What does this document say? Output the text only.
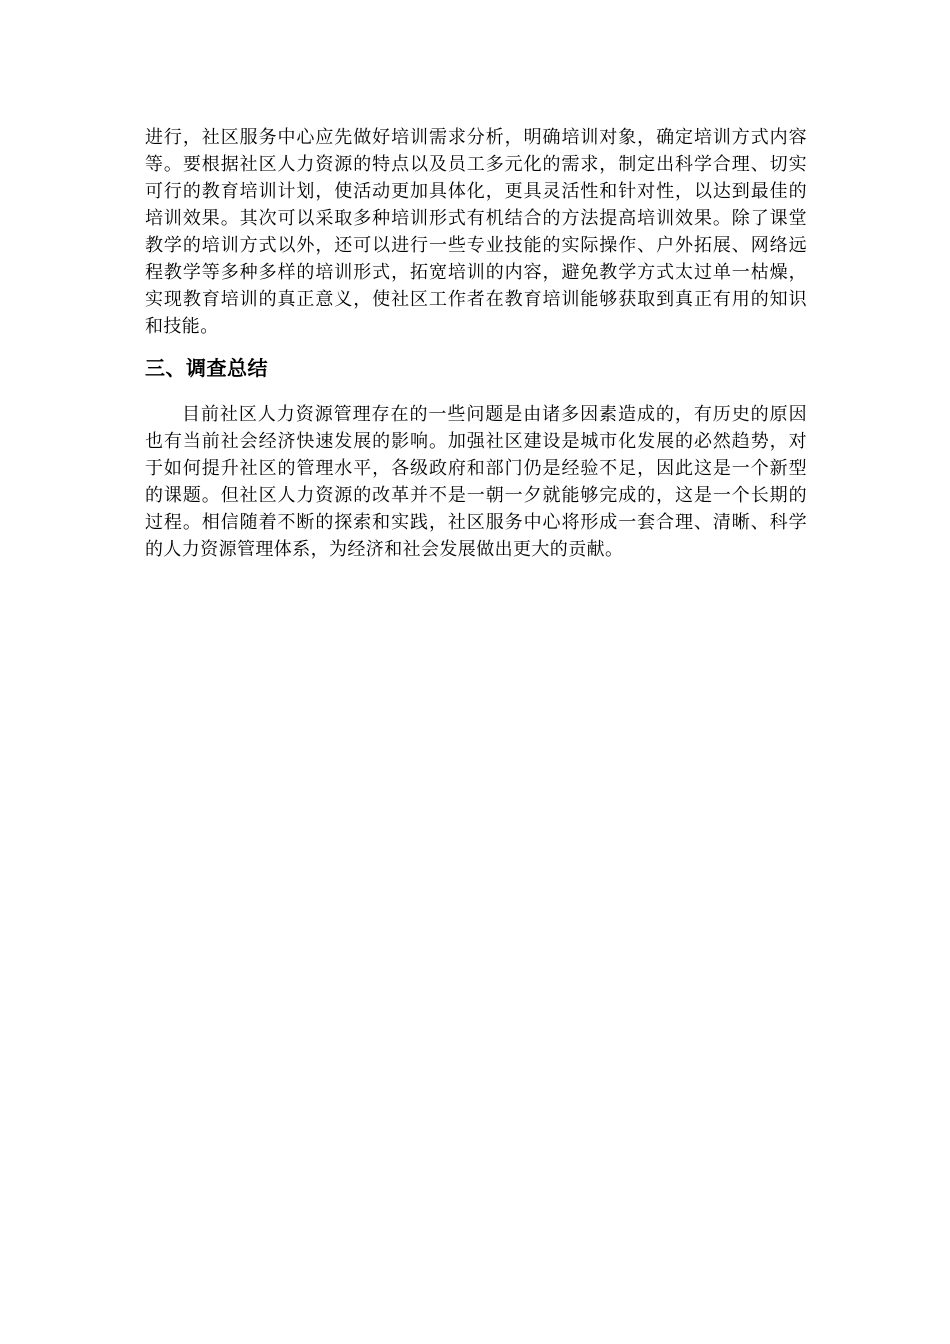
进行，社区服务中心应先做好培训需求分析，明确培训对象，确定培训方式内容等。要根据社区人力资源的特点以及员工多元化的需求，制定出科学合理、切实可行的教育培训计划，使活动更加具体化，更具灵活性和针对性，以达到最佳的培训效果。其次可以采取多种培训形式有机结合的方法提高培训效果。除了课堂教学的培训方式以外，还可以进行一些专业技能的实际操作、户外拓展、网络远程教学等多种多样的培训形式，拓宽培训的内容，避免教学方式太过单一枯燥，实现教育培训的真正意义，使社区工作者在教育培训能够获取到真正有用的知识和技能。

三、调查总结

目前社区人力资源管理存在的一些问题是由诸多因素造成的，有历史的原因也有当前社会经济快速发展的影响。加强社区建设是城市化发展的必然趋势，对于如何提升社区的管理水平，各级政府和部门仍是经验不足，因此这是一个新型的课题。但社区人力资源的改革并不是一朝一夕就能够完成的，这是一个长期的过程。相信随着不断的探索和实践，社区服务中心将形成一套合理、清晰、科学的人力资源管理体系，为经济和社会发展做出更大的贡献。
